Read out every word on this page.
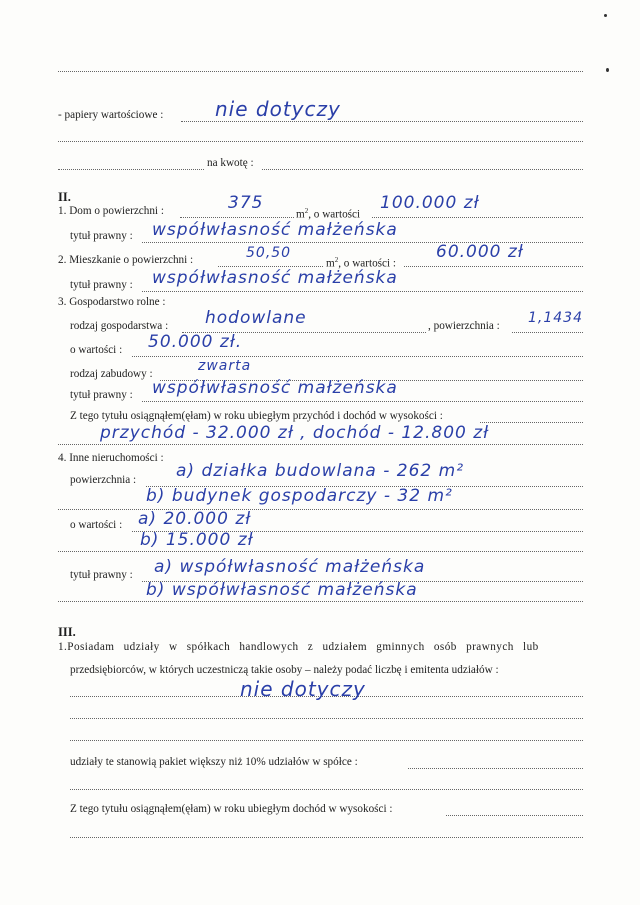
- papiery wartościowe :	nie dotyczy
na kwotę :
II.
1. Dom o powierzchni :	375
$m^2$, o wartości
100.000 zł
tytuł prawny : współwłasność małżeńska
2. Mieszkanie o powierzchni :	50,50
$m^2$, o wartości :
60.000 zł
tytuł prawny : współwłasność małżeńska
3. Gospodarstwo rolne :
rodzaj gospodarstwa : hodowlane	, powierzchnia : 1,1434
o wartości : 50.000 zł.
rodzaj zabudowy :	zwarta
tytuł prawny : współwłasność małżeńska
Z tego tytułu osiągnąłem(ęłam) w roku ubiegłym przychód i dochód w wysokości :
przychód - 32.000 zł , dochód - 12.800 zł
4. Inne nieruchomości :
powierzchnia : a) działka budowlana - 262 m²
b) budynek gospodarczy - 32 m²
o wartości : a) 20.000 zł
b) 15.000 zł
tytuł prawny : a) współwłasność małżeńska
b) współwłasność małżeńska
III.
1.Posiadam udziały w spółkach handlowych z udziałem gminnych osób prawnych lub
przedsiębiorców, w których uczestniczą takie osoby – należy podać liczbę i emitenta udziałów :
nie dotyczy
udziały te stanowią pakiet większy niż 10% udziałów w spółce :
Z tego tytułu osiągnąłem(ęłam) w roku ubiegłym dochód w wysokości :
